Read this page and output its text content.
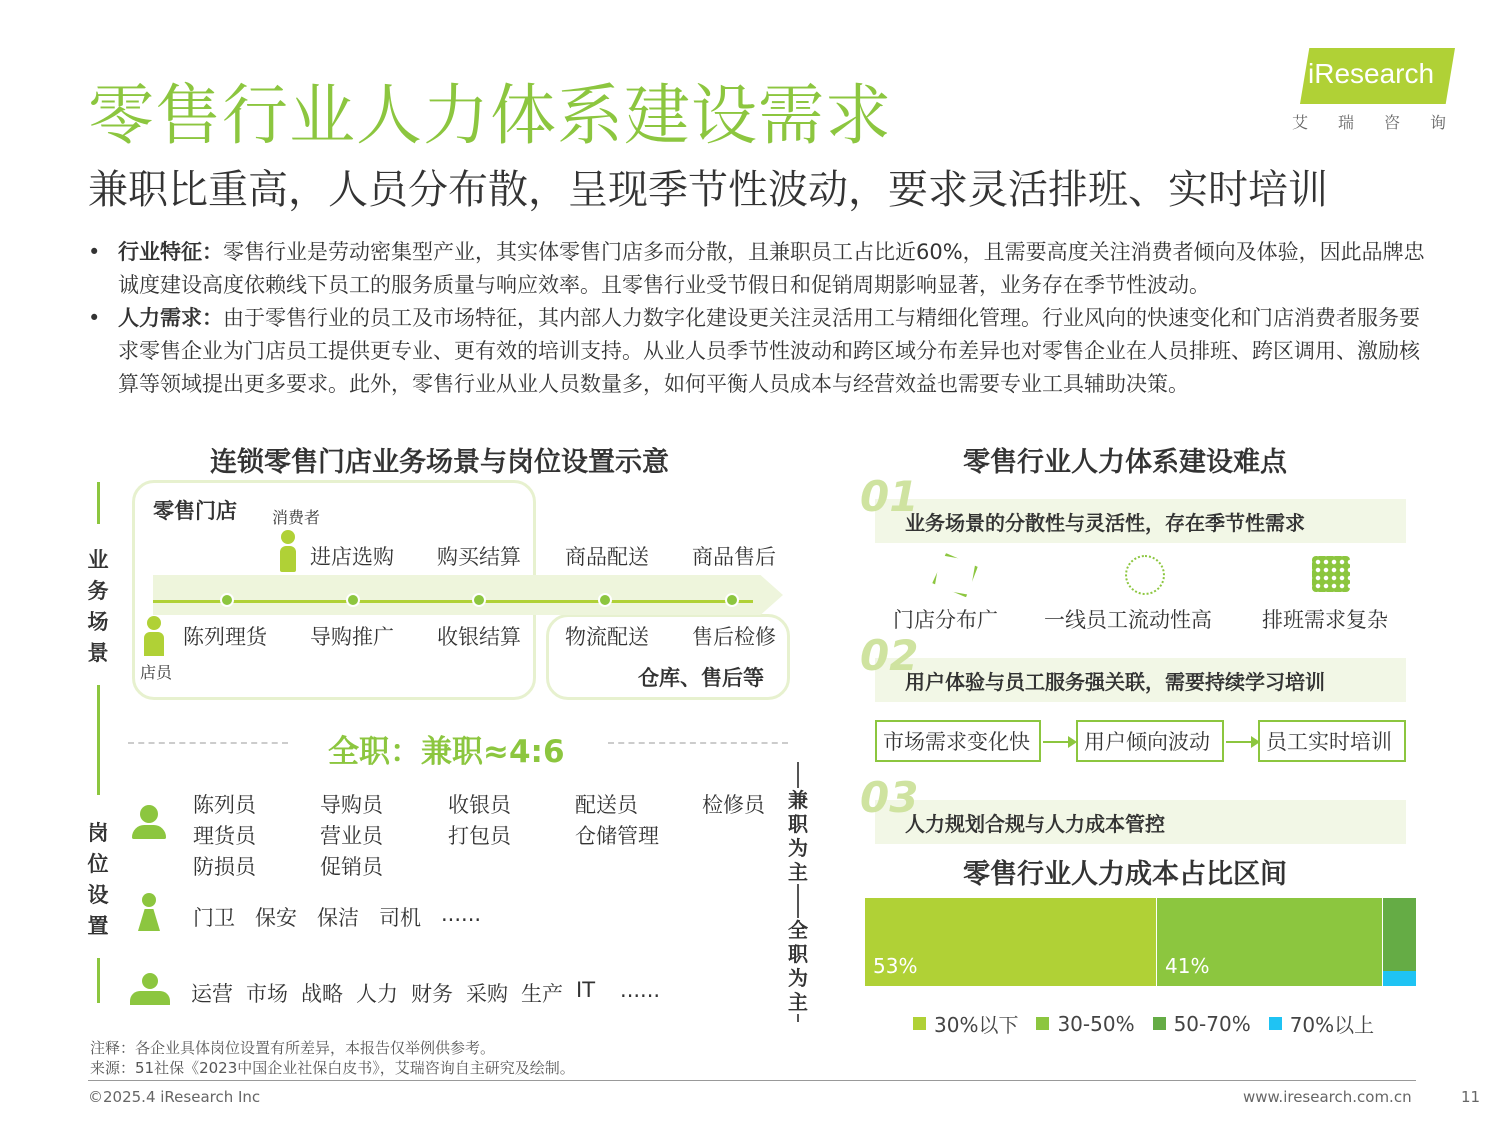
零售行业人力体系建设需求
兼职比重高，人员分布散，呈现季节性波动，要求灵活排班、实时培训
iResearch
艾瑞咨询
• 行业特征：零售行业是劳动密集型产业，其实体零售门店多而分散，且兼职员工占比近60%，且需要高度关注消费者倾向及体验，因此品牌忠诚度建设高度依赖线下员工的服务质量与响应效率。且零售行业受节假日和促销周期影响显著，业务存在季节性波动。
• 人力需求：由于零售行业的员工及市场特征，其内部人力数字化建设更关注灵活用工与精细化管理。行业风向的快速变化和门店消费者服务要求零售企业为门店员工提供更专业、更有效的培训支持。从业人员季节性波动和跨区域分布差异也对零售企业在人员排班、跨区调用、激励核算等领域提出更多要求。此外，零售行业从业人员数量多，如何平衡人员成本与经营效益也需要专业工具辅助决策。
连锁零售门店业务场景与岗位设置示意
业务场景
岗位设置
零售门店 消费者
店员
进店选购 购买结算 商品配送 商品售后
陈列理货 导购推广 收银结算 物流配送 售后检修
仓库、售后等
全职：兼职≈4:6
兼职为主
全职为主
陈列员
理货员
防损员
导购员
营业员
促销员
收银员
打包员
配送员
仓储管理
检修员
门卫 保安 保洁 司机 ......
运营 市场 战略 人力 财务 采购 生产 IT ......
零售行业人力体系建设难点
业务场景的分散性与灵活性，存在季节性需求
01
门店分布广 一线员工流动性高 排班需求复杂
用户体验与员工服务强关联，需要持续学习培训
02
市场需求变化快	用户倾向波动	员工实时培训
人力规划合规与人力成本管控
03
零售行业人力成本占比区间
53%	41%
30%以下 30-50% 50-70% 70%以上
注释：各企业具体岗位设置有所差异，本报告仅举例供参考。
来源：51社保《2023中国企业社保白皮书》，艾瑞咨询自主研究及绘制。
©2025.4 iResearch Inc	www.iresearch.com.cn	11
